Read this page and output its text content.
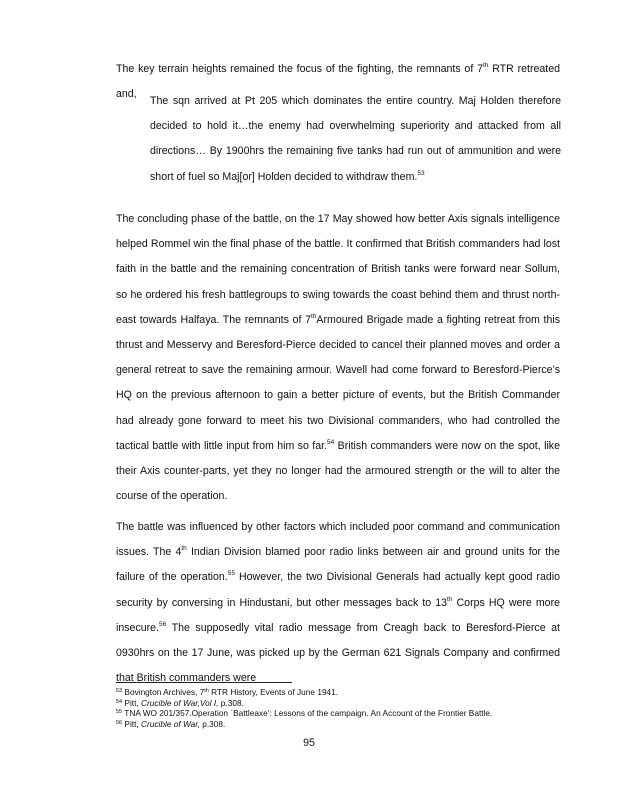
The key terrain heights remained the focus of the fighting, the remnants of 7th RTR retreated and,

The sqn arrived at Pt 205 which dominates the entire country. Maj Holden therefore decided to hold it…the enemy had overwhelming superiority and attacked from all directions… By 1900hrs the remaining five tanks had run out of ammunition and were short of fuel so Maj[or] Holden decided to withdraw them.$^{53}$

The concluding phase of the battle, on the 17 May showed how better Axis signals intelligence helped Rommel win the final phase of the battle. It confirmed that British commanders had lost faith in the battle and the remaining concentration of British tanks were forward near Sollum, so he ordered his fresh battlegroups to swing towards the coast behind them and thrust north-east towards Halfaya. The remnants of 7thArmoured Brigade made a fighting retreat from this thrust and Messervy and Beresford-Pierce decided to cancel their planned moves and order a general retreat to save the remaining armour. Wavell had come forward to Beresford-Pierce’s HQ on the previous afternoon to gain a better picture of events, but the British Commander had already gone forward to meet his two Divisional commanders, who had controlled the tactical battle with little input from him so far.$^{54}$ British commanders were now on the spot, like their Axis counter-parts, yet they no longer had the armoured strength or the will to alter the course of the operation.

The battle was influenced by other factors which included poor command and communication issues. The 4th Indian Division blamed poor radio links between air and ground units for the failure of the operation.$^{55}$ However, the two Divisional Generals had actually kept good radio security by conversing in Hindustani, but other messages back to 13th Corps HQ were more insecure.$^{56}$ The supposedly vital radio message from Creagh back to Beresford-Pierce at 0930hrs on the 17 June, was picked up by the German 621 Signals Company and confirmed that British commanders were

$^{53}$ Bovington Archives, 7th RTR History, Events of June 1941.
$^{54}$ Pitt, Crucible of War,Vol I, p.308.
$^{55}$ TNA WO 201/357.Operation `Battleaxe’: Lessons of the campaign. An Account of the Frontier Battle.
$^{56}$ Pitt, Crucible of War, p.308.
95
